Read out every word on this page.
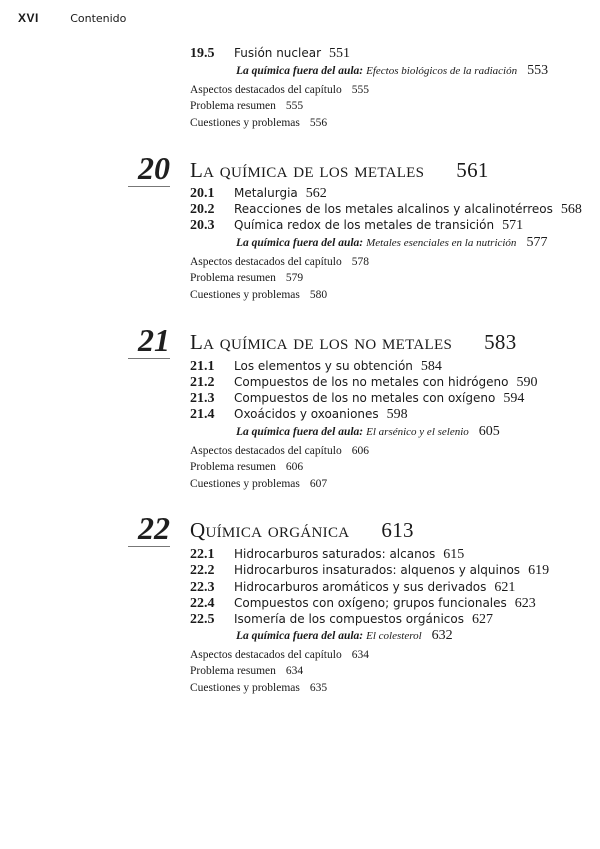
XVI	Contenido
19.5 Fusión nuclear 551
La química fuera del aula: Efectos biológicos de la radiación 553
Aspectos destacados del capítulo 555
Problema resumen 555
Cuestiones y problemas 556
20 La química de los metales 561
20.1 Metalurgia 562
20.2 Reacciones de los metales alcalinos y alcalinotérreos 568
20.3 Química redox de los metales de transición 571
La química fuera del aula: Metales esenciales en la nutrición 577
Aspectos destacados del capítulo 578
Problema resumen 579
Cuestiones y problemas 580
21 La química de los no metales 583
21.1 Los elementos y su obtención 584
21.2 Compuestos de los no metales con hidrógeno 590
21.3 Compuestos de los no metales con oxígeno 594
21.4 Oxoácidos y oxoaniones 598
La química fuera del aula: El arsénico y el selenio 605
Aspectos destacados del capítulo 606
Problema resumen 606
Cuestiones y problemas 607
22 Química orgánica 613
22.1 Hidrocarburos saturados: alcanos 615
22.2 Hidrocarburos insaturados: alquenos y alquinos 619
22.3 Hidrocarburos aromáticos y sus derivados 621
22.4 Compuestos con oxígeno; grupos funcionales 623
22.5 Isomería de los compuestos orgánicos 627
La química fuera del aula: El colesterol 632
Aspectos destacados del capítulo 634
Problema resumen 634
Cuestiones y problemas 635
